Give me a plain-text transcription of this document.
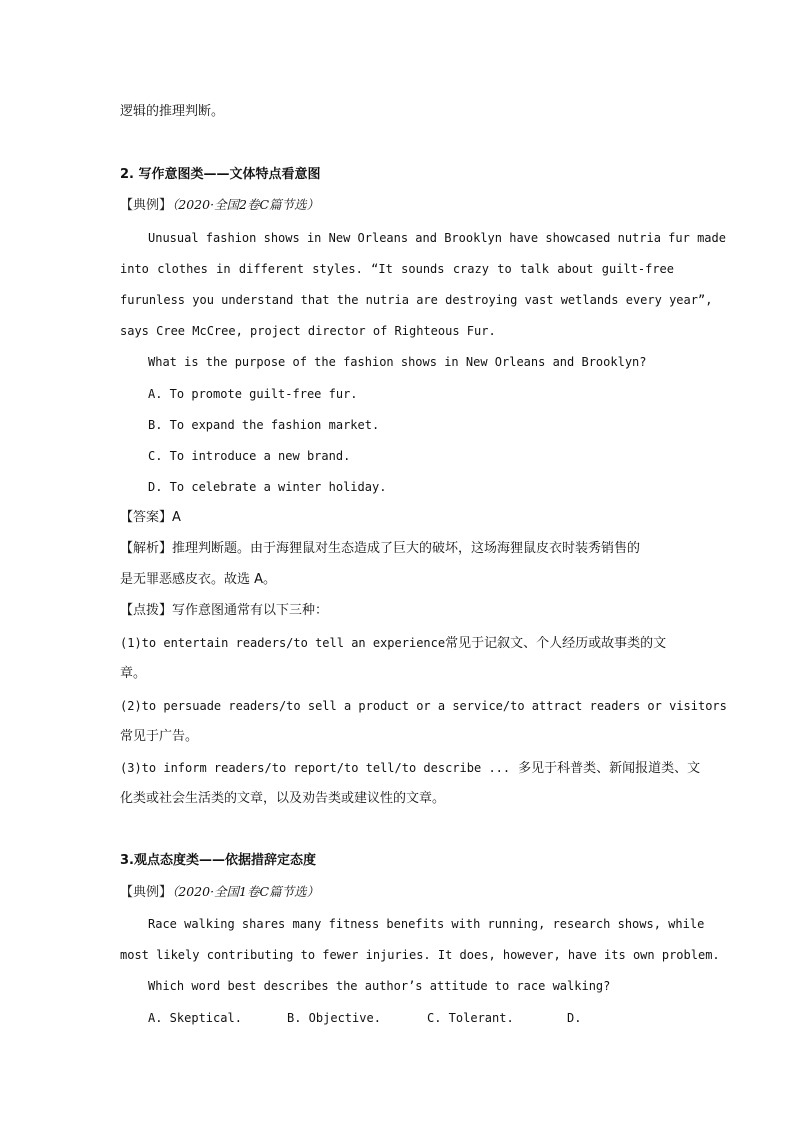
逻辑的推理判断。
2. 写作意图类——文体特点看意图
【典例】（2020·全国2卷C篇节选）
Unusual fashion shows in New Orleans and Brooklyn have showcased nutria fur made
into clothes in different styles. “It sounds crazy to talk about guilt-free
furunless you understand that the nutria are destroying vast wetlands every year”,
says Cree McCree, project director of Righteous Fur.
What is the purpose of the fashion shows in New Orleans and Brooklyn?
A. To promote guilt-free fur.
B. To expand the fashion market.
C. To introduce a new brand.
D. To celebrate a winter holiday.
【答案】A
【解析】推理判断题。由于海狸鼠对生态造成了巨大的破坏，这场海狸鼠皮衣时装秀销售的
是无罪恶感皮衣。故选 A。
【点拨】写作意图通常有以下三种：
(1)to entertain readers/to tell an experience常见于记叙文、个人经历或故事类的文
章。
(2)to persuade readers/to sell a product or a service/to attract readers or visitors
常见于广告。
(3)to inform readers/to report/to tell/to describe ... 多见于科普类、新闻报道类、文
化类或社会生活类的文章，以及劝告类或建议性的文章。
3.观点态度类——依据措辞定态度
【典例】（2020·全国1卷C篇节选）
Race walking shares many fitness benefits with running, research shows, while
most likely contributing to fewer injuries. It does, however, have its own problem.
Which word best describes the author’s attitude to race walking?
A. Skeptical.	B. Objective.	C. Tolerant.	D.
